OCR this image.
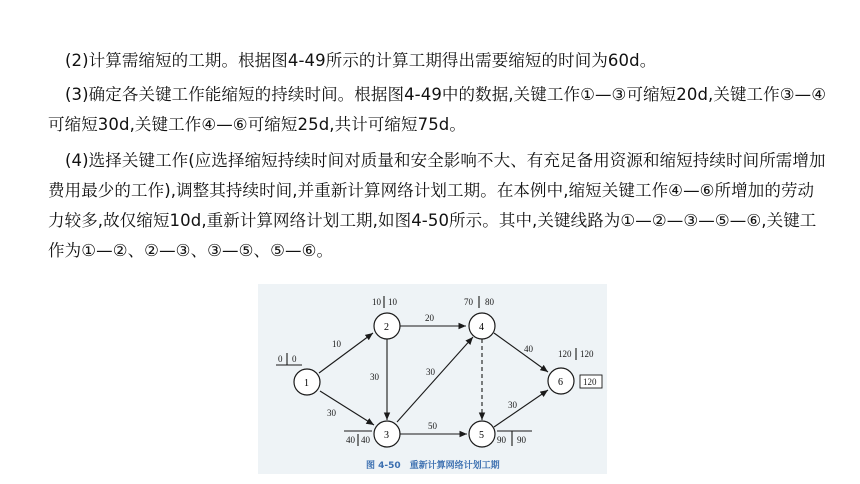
(2)计算需缩短的工期。根据图4-49所示的计算工期得出需要缩短的时间为60d。

(3)确定各关键工作能缩短的持续时间。根据图4-49中的数据,关键工作①—③可缩短20d,关键工作③—④可缩短30d,关键工作④—⑥可缩短25d,共计可缩短75d。

(4)选择关键工作(应选择缩短持续时间对质量和安全影响不大、有充足备用资源和缩短持续时间所需增加费用最少的工作),调整其持续时间,并重新计算网络计划工期。在本例中,缩短关键工作④—⑥所增加的劳动力较多,故仅缩短10d,重新计算网络计划工期,如图4-50所示。其中,关键线路为①—②—③—⑤—⑥,关键工作为①—②、②—③、③—⑤、⑤—⑥。

10
30
30
20
30
50
40
30
1
2
3
4
5
6
0 0
10 10
40 40
70 80
90 90
120 120
120
图 4-50　重新计算网络计划工期
